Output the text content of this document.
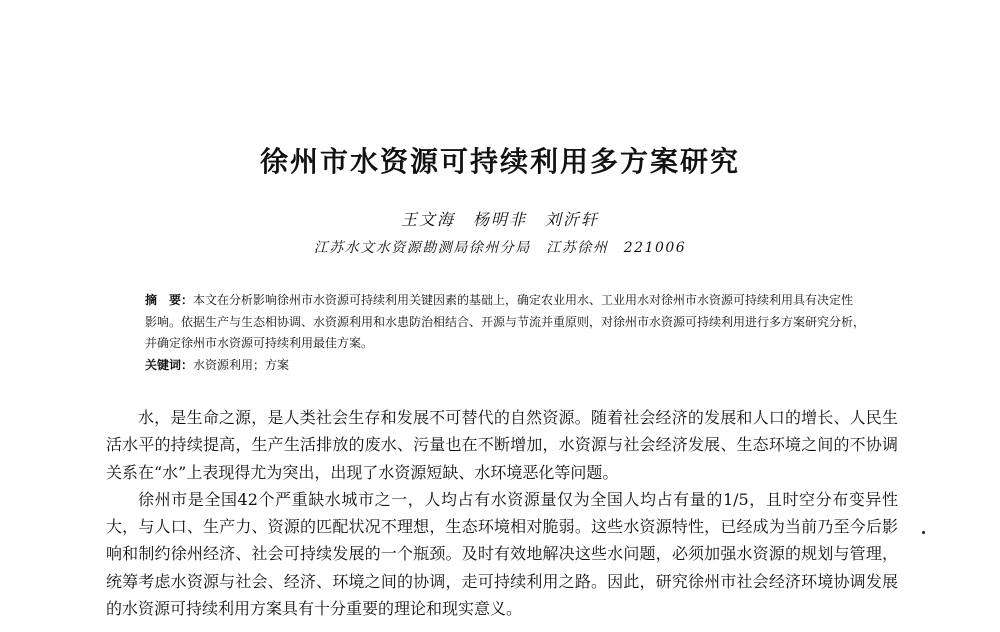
徐州市水资源可持续利用多方案研究
王文海　杨明非　刘沂轩
江苏水文水资源勘测局徐州分局　江苏徐州　221006
摘　要：本文在分析影响徐州市水资源可持续利用关键因素的基础上，确定农业用水、工业用水对徐州市水资源可持续利用具有决定性影响。依据生产与生态相协调、水资源利用和水患防治相结合、开源与节流并重原则，对徐州市水资源可持续利用进行多方案研究分析，并确定徐州市水资源可持续利用最佳方案。
关键词：水资源利用；方案

水，是生命之源，是人类社会生存和发展不可替代的自然资源。随着社会经济的发展和人口的增长、人民生活水平的持续提高，生产生活排放的废水、污量也在不断增加，水资源与社会经济发展、生态环境之间的不协调关系在“水”上表现得尤为突出，出现了水资源短缺、水环境恶化等问题。

徐州市是全国42个严重缺水城市之一，人均占有水资源量仅为全国人均占有量的1/5，且时空分布变异性大，与人口、生产力、资源的匹配状况不理想，生态环境相对脆弱。这些水资源特性，已经成为当前乃至今后影响和制约徐州经济、社会可持续发展的一个瓶颈。及时有效地解决这些水问题，必须加强水资源的规划与管理，统筹考虑水资源与社会、经济、环境之间的协调，走可持续利用之路。因此，研究徐州市社会经济环境协调发展的水资源可持续利用方案具有十分重要的理论和现实意义。
